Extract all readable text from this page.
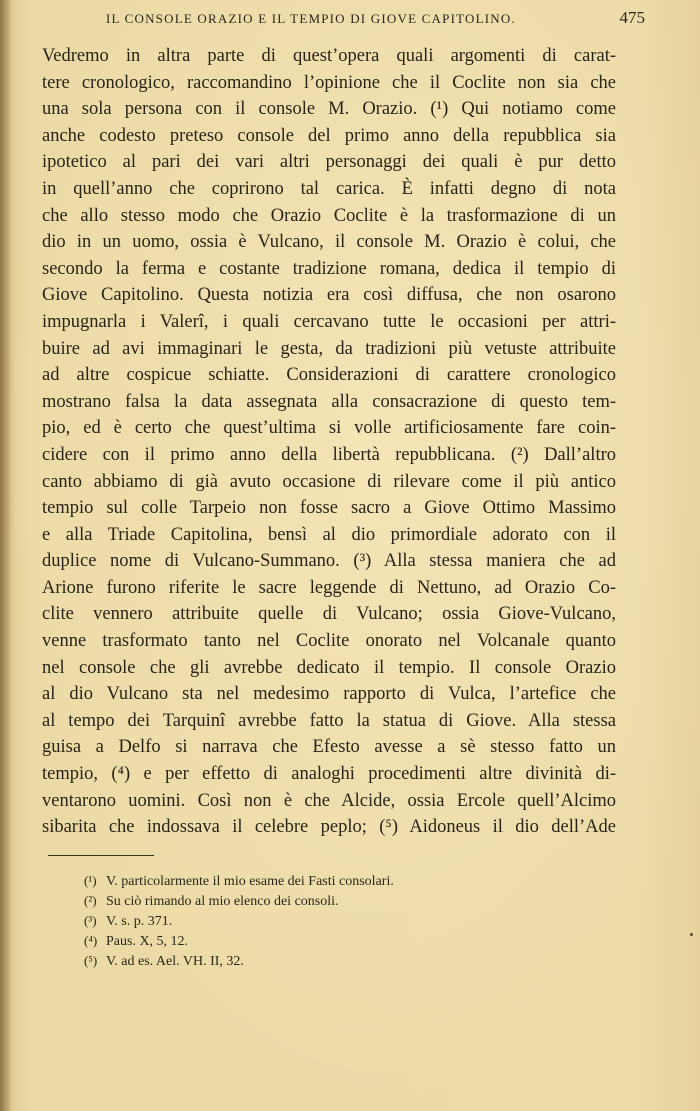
IL CONSOLE ORAZIO E IL TEMPIO DI GIOVE CAPITOLINO.	475
Vedremo in altra parte di quest’opera quali argomenti di carat-
tere cronologico, raccomandino l’opinione che il Coclite non sia che
una sola persona con il console M. Orazio. (¹) Qui notiamo come
anche codesto preteso console del primo anno della repubblica sia
ipotetico al pari dei vari altri personaggi dei quali è pur detto
in quell’anno che coprirono tal carica. È infatti degno di nota
che allo stesso modo che Orazio Coclite è la trasformazione di un
dio in un uomo, ossia è Vulcano, il console M. Orazio è colui, che
secondo la ferma e costante tradizione romana, dedica il tempio di
Giove Capitolino. Questa notizia era così diffusa, che non osarono
impugnarla i Valerî, i quali cercavano tutte le occasioni per attri-
buire ad avi immaginari le gesta, da tradizioni più vetuste attribuite
ad altre cospicue schiatte. Considerazioni di carattere cronologico
mostrano falsa la data assegnata alla consacrazione di questo tem-
pio, ed è certo che quest’ultima si volle artificiosamente fare coin-
cidere con il primo anno della libertà repubblicana. (²) Dall’altro
canto abbiamo di già avuto occasione di rilevare come il più antico
tempio sul colle Tarpeio non fosse sacro a Giove Ottimo Massimo
e alla Triade Capitolina, bensì al dio primordiale adorato con il
duplice nome di Vulcano-Summano. (³) Alla stessa maniera che ad
Arione furono riferite le sacre leggende di Nettuno, ad Orazio Co-
clite vennero attribuite quelle di Vulcano; ossia Giove-Vulcano,
venne trasformato tanto nel Coclite onorato nel Volcanale quanto
nel console che gli avrebbe dedicato il tempio. Il console Orazio
al dio Vulcano sta nel medesimo rapporto di Vulca, l’artefice che
al tempo dei Tarquinî avrebbe fatto la statua di Giove. Alla stessa
guisa a Delfo si narrava che Efesto avesse a sè stesso fatto un
tempio, (⁴) e per effetto di analoghi procedimenti altre divinità di-
ventarono uomini. Così non è che Alcide, ossia Ercole quell’Alcimo
sibarita che indossava il celebre peplo; (⁵) Aidoneus il dio dell’Ade
(¹) V. particolarmente il mio esame dei Fasti consolari.
(²) Su ciò rimando al mio elenco dei consoli.
(³) V. s. p. 371.
(⁴) Paus. X, 5, 12.
(⁵) V. ad es. Ael. VH. II, 32.
